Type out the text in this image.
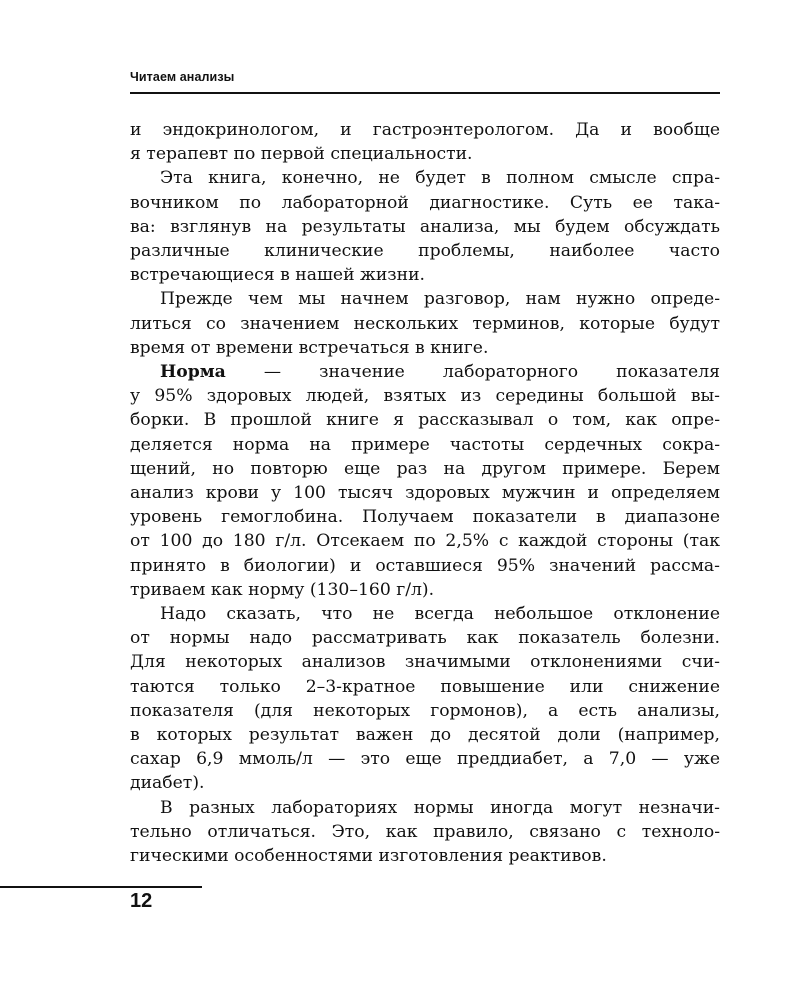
Читаем анализы
и эндокринологом, и гастроэнтерологом. Да и вообще
я терапевт по первой специальности.
Эта книга, конечно, не будет в полном смысле спра-
вочником по лабораторной диагностике. Суть ее така-
ва: взглянув на результаты анализа, мы будем обсуждать
различные клинические проблемы, наиболее часто
встречающиеся в нашей жизни.
Прежде чем мы начнем разговор, нам нужно опреде-
литься со значением нескольких терминов, которые будут
время от времени встречаться в книге.
Норма — значение лабораторного показателя
у 95% здоровых людей, взятых из середины большой вы-
борки. В прошлой книге я рассказывал о том, как опре-
деляется норма на примере частоты сердечных сокра-
щений, но повторю еще раз на другом примере. Берем
анализ крови у 100 тысяч здоровых мужчин и определяем
уровень гемоглобина. Получаем показатели в диапазоне
от 100 до 180 г/л. Отсекаем по 2,5% с каждой стороны (так
принято в биологии) и оставшиеся 95% значений рассма-
триваем как норму (130–160 г/л).
Надо сказать, что не всегда небольшое отклонение
от нормы надо рассматривать как показатель болезни.
Для некоторых анализов значимыми отклонениями счи-
таются только 2–3-кратное повышение или снижение
показателя (для некоторых гормонов), а есть анализы,
в которых результат важен до десятой доли (например,
сахар 6,9 ммоль/л — это еще преддиабет, а 7,0 — уже
диабет).
В разных лабораториях нормы иногда могут незначи-
тельно отличаться. Это, как правило, связано с техноло-
гическими особенностями изготовления реактивов.
12
